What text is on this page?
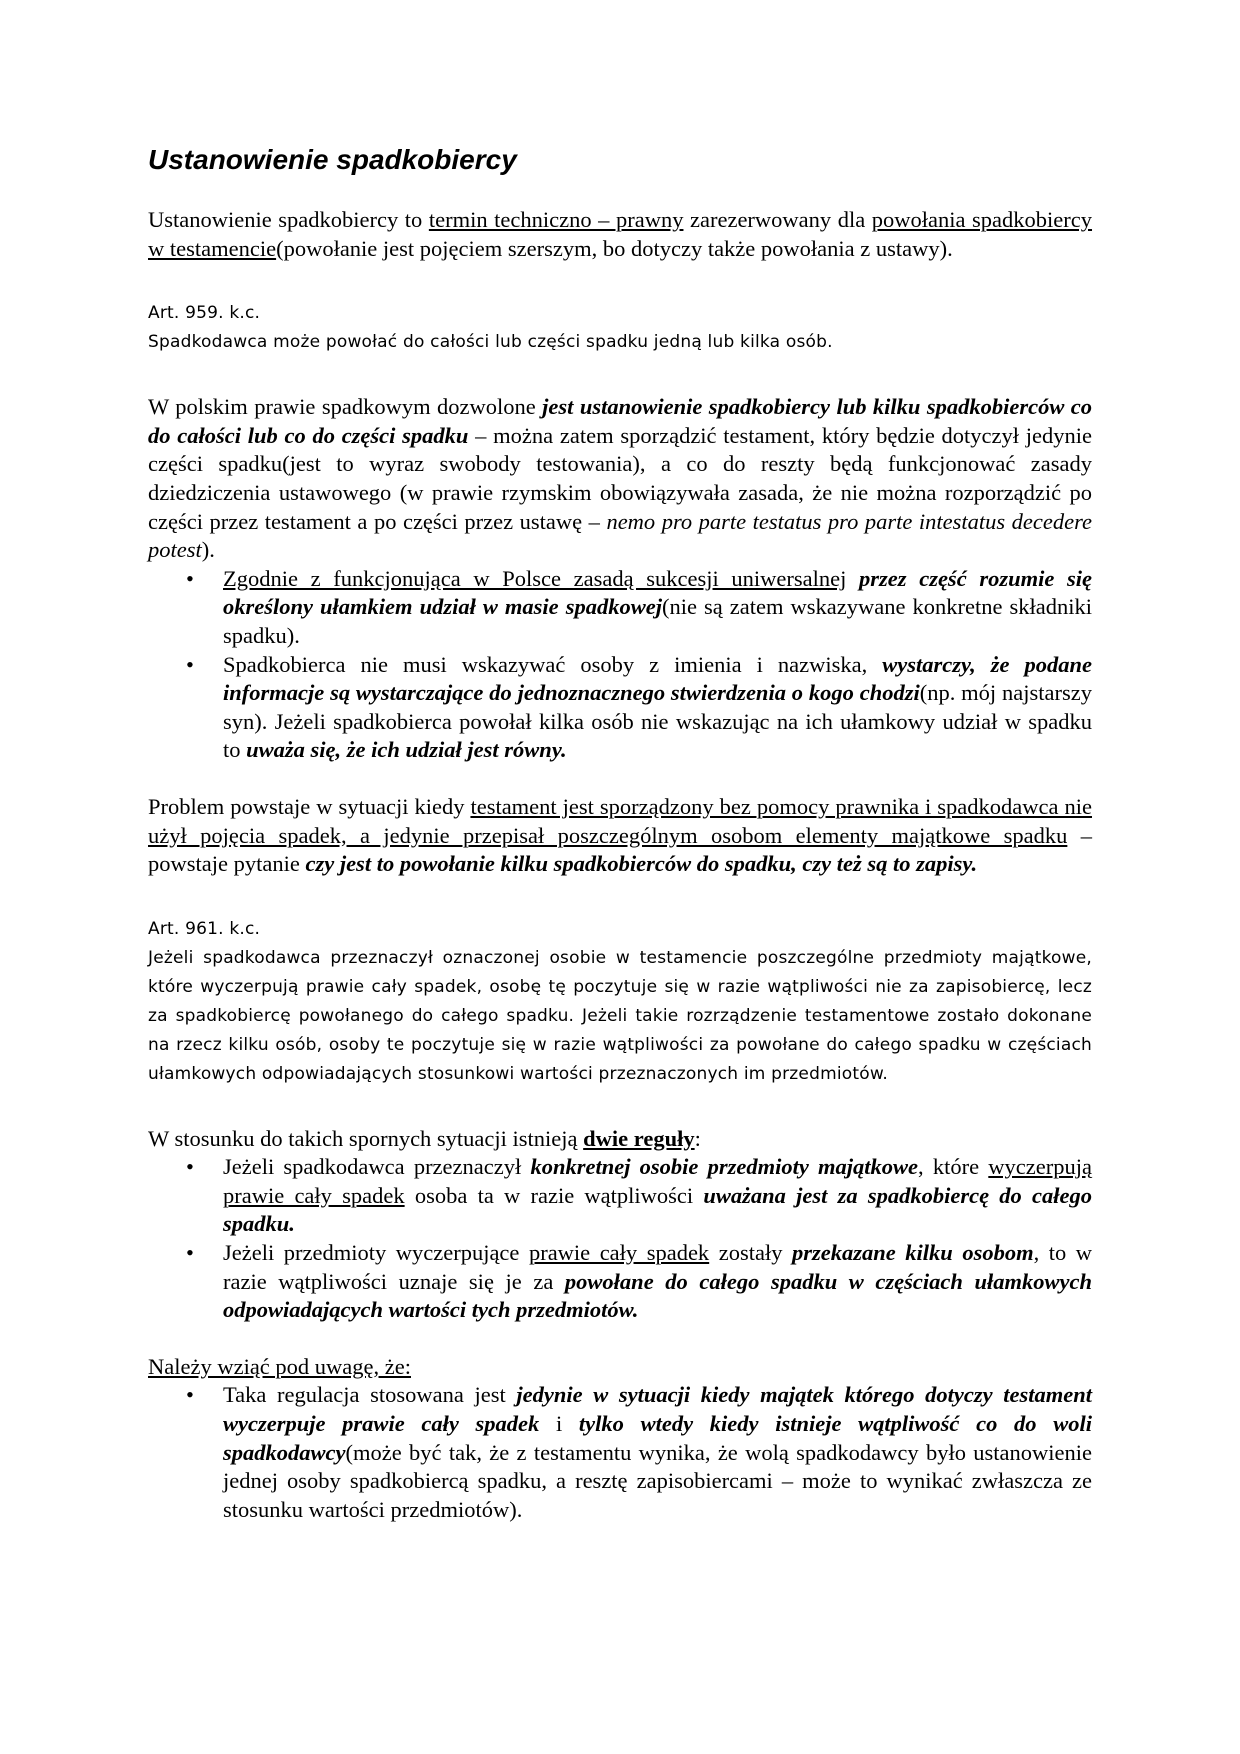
Ustanowienie spadkobiercy

Ustanowienie spadkobiercy to termin techniczno – prawny zarezerwowany dla powołania spadkobiercy w testamencie(powołanie jest pojęciem szerszym, bo dotyczy także powołania z ustawy).

Art. 959. k.c.

Spadkodawca może powołać do całości lub części spadku jedną lub kilka osób.

W polskim prawie spadkowym dozwolone jest ustanowienie spadkobiercy lub kilku spadkobierców co do całości lub co do części spadku – można zatem sporządzić testament, który będzie dotyczył jedynie części spadku(jest to wyraz swobody testowania), a co do reszty będą funkcjonować zasady dziedziczenia ustawowego (w prawie rzymskim obowiązywała zasada, że nie można rozporządzić po części przez testament a po części przez ustawę – nemo pro parte testatus pro parte intestatus decedere potest).

• Zgodnie z funkcjonująca w Polsce zasadą sukcesji uniwersalnej przez część rozumie się określony ułamkiem udział w masie spadkowej(nie są zatem wskazywane konkretne składniki spadku).
• Spadkobierca nie musi wskazywać osoby z imienia i nazwiska, wystarczy, że podane informacje są wystarczające do jednoznacznego stwierdzenia o kogo chodzi(np. mój najstarszy syn). Jeżeli spadkobierca powołał kilka osób nie wskazując na ich ułamkowy udział w spadku to uważa się, że ich udział jest równy.

Problem powstaje w sytuacji kiedy testament jest sporządzony bez pomocy prawnika i spadkodawca nie użył pojęcia spadek, a jedynie przepisał poszczególnym osobom elementy majątkowe spadku – powstaje pytanie czy jest to powołanie kilku spadkobierców do spadku, czy też są to zapisy.

Art. 961. k.c.

Jeżeli spadkodawca przeznaczył oznaczonej osobie w testamencie poszczególne przedmioty majątkowe, które wyczerpują prawie cały spadek, osobę tę poczytuje się w razie wątpliwości nie za zapisobiercę, lecz za spadkobiercę powołanego do całego spadku. Jeżeli takie rozrządzenie testamentowe zostało dokonane na rzecz kilku osób, osoby te poczytuje się w razie wątpliwości za powołane do całego spadku w częściach ułamkowych odpowiadających stosunkowi wartości przeznaczonych im przedmiotów.

W stosunku do takich spornych sytuacji istnieją dwie reguły:

• Jeżeli spadkodawca przeznaczył konkretnej osobie przedmioty majątkowe, które wyczerpują prawie cały spadek osoba ta w razie wątpliwości uważana jest za spadkobiercę do całego spadku.
• Jeżeli przedmioty wyczerpujące prawie cały spadek zostały przekazane kilku osobom, to w razie wątpliwości uznaje się je za powołane do całego spadku w częściach ułamkowych odpowiadających wartości tych przedmiotów.

Należy wziąć pod uwagę, że:

• Taka regulacja stosowana jest jedynie w sytuacji kiedy majątek którego dotyczy testament wyczerpuje prawie cały spadek i tylko wtedy kiedy istnieje wątpliwość co do woli spadkodawcy(może być tak, że z testamentu wynika, że wolą spadkodawcy było ustanowienie jednej osoby spadkobiercą spadku, a resztę zapisobiercami – może to wynikać zwłaszcza ze stosunku wartości przedmiotów).
